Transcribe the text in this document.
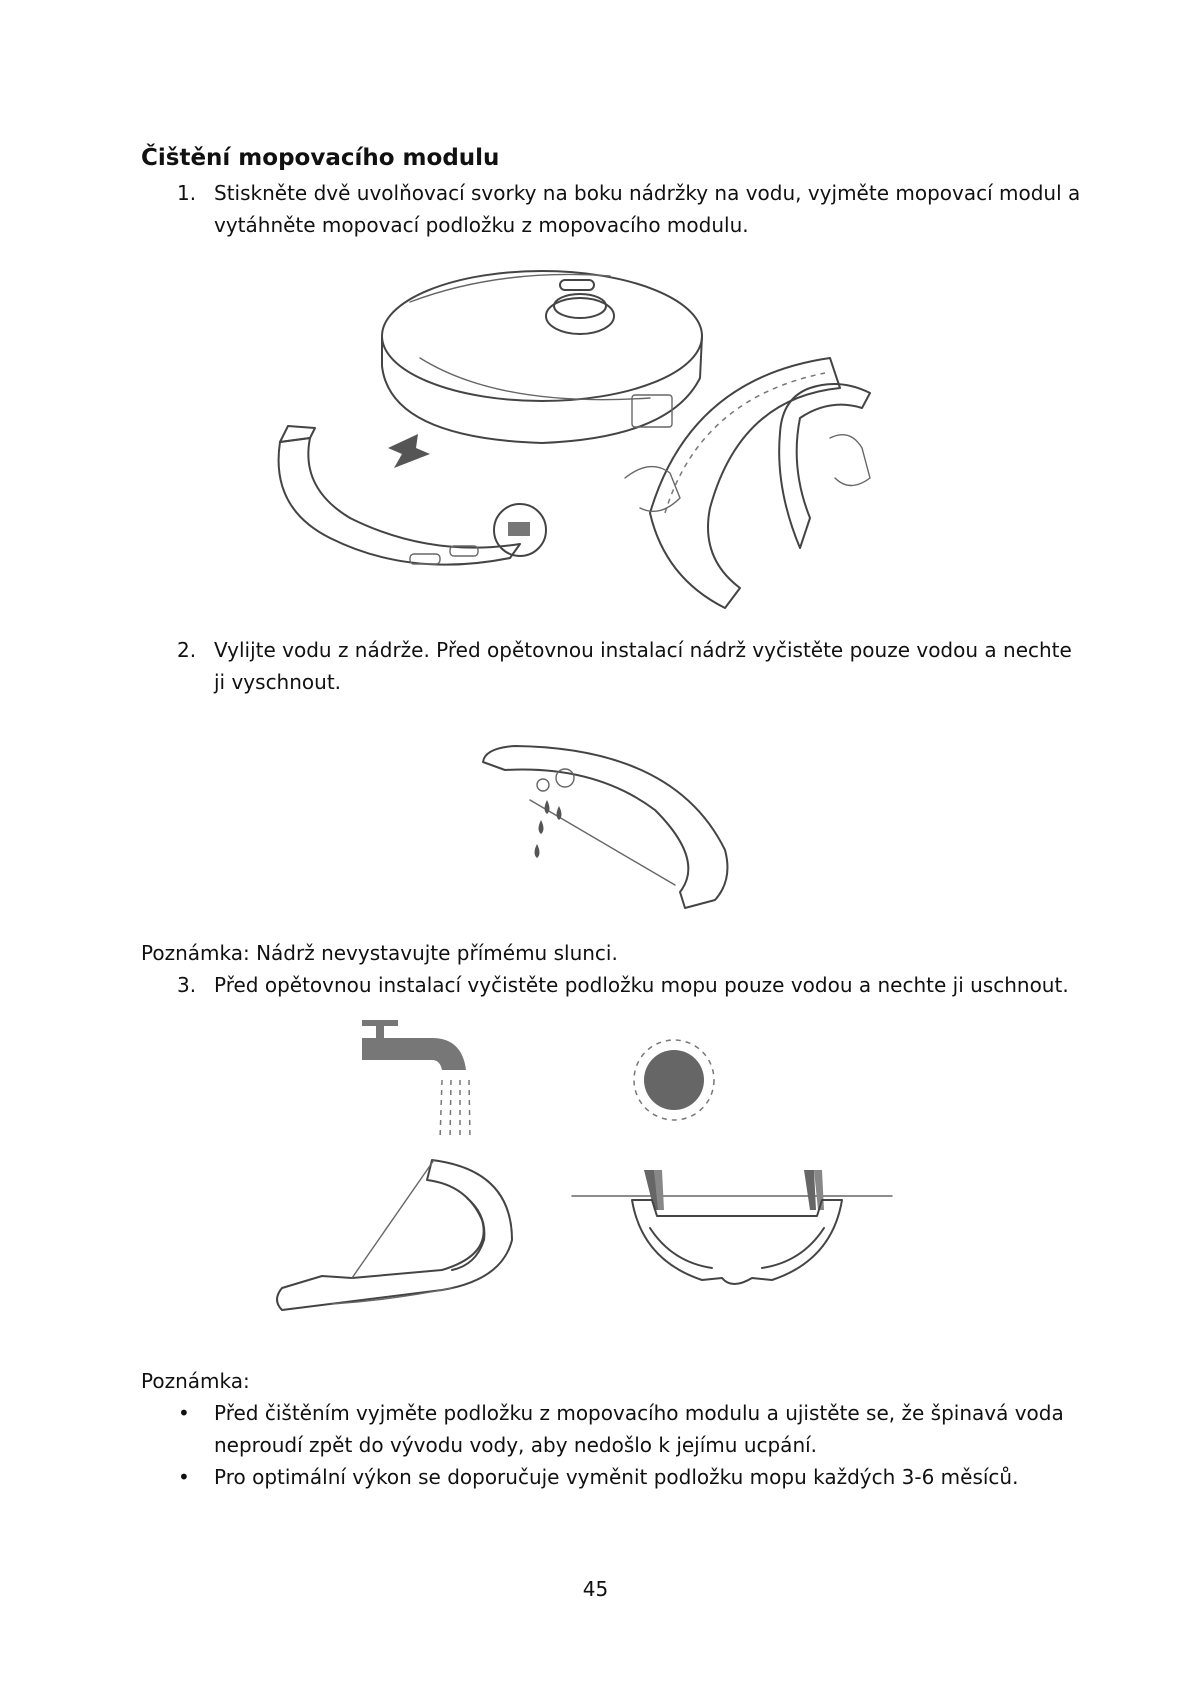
Čištění mopovacího modulu
1. Stiskněte dvě uvolňovací svorky na boku nádržky na vodu, vyjměte mopovací modul a
vytáhněte mopovací podložku z mopovacího modulu.
2. Vylijte vodu z nádrže. Před opětovnou instalací nádrž vyčistěte pouze vodou a nechte
ji vyschnout.
Poznámka: Nádrž nevystavujte přímému slunci.
3. Před opětovnou instalací vyčistěte podložku mopu pouze vodou a nechte ji uschnout.
Poznámka:
• Před čištěním vyjměte podložku z mopovacího modulu a ujistěte se, že špinavá voda
neproudí zpět do vývodu vody, aby nedošlo k jejímu ucpání.
• Pro optimální výkon se doporučuje vyměnit podložku mopu každých 3-6 měsíců.
45
